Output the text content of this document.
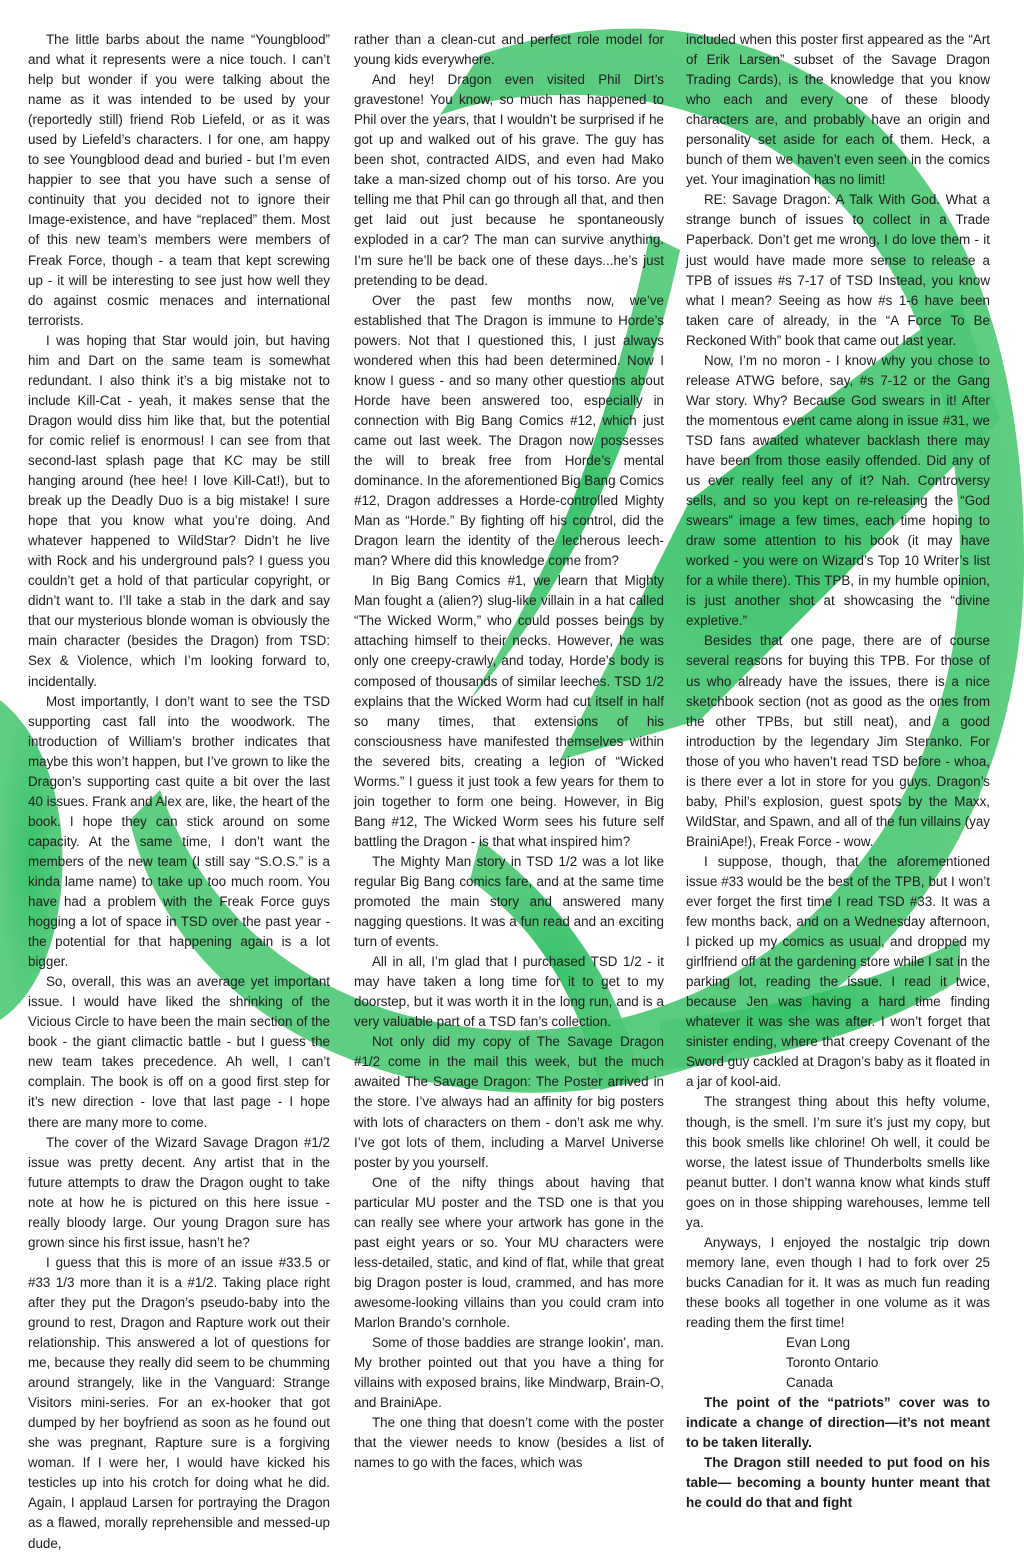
The little barbs about the name “Youngblood” and what it represents were a nice touch. I can’t help but wonder if you were talking about the name as it was intended to be used by your (reportedly still) friend Rob Liefeld, or as it was used by Liefeld’s characters. I for one, am happy to see Youngblood dead and buried - but I’m even happier to see that you have such a sense of continuity that you decided not to ignore their Image-existence, and have “replaced” them. Most of this new team’s members were members of Freak Force, though - a team that kept screwing up - it will be interesting to see just how well they do against cosmic menaces and international terrorists.

I was hoping that Star would join, but having him and Dart on the same team is somewhat redundant. I also think it’s a big mistake not to include Kill-Cat - yeah, it makes sense that the Dragon would diss him like that, but the potential for comic relief is enormous! I can see from that second-last splash page that KC may be still hanging around (hee hee! I love Kill-Cat!), but to break up the Deadly Duo is a big mistake! I sure hope that you know what you’re doing. And whatever happened to WildStar? Didn’t he live with Rock and his underground pals? I guess you couldn’t get a hold of that particular copyright, or didn’t want to. I’ll take a stab in the dark and say that our mysterious blonde woman is obviously the main character (besides the Dragon) from TSD: Sex & Violence, which I’m looking forward to, incidentally.

Most importantly, I don’t want to see the TSD supporting cast fall into the woodwork. The introduction of William’s brother indicates that maybe this won’t happen, but I’ve grown to like the Dragon’s supporting cast quite a bit over the last 40 issues. Frank and Alex are, like, the heart of the book. I hope they can stick around on some capacity. At the same time, I don’t want the members of the new team (I still say “S.O.S.” is a kinda lame name) to take up too much room. You have had a problem with the Freak Force guys hogging a lot of space in TSD over the past year - the potential for that happening again is a lot bigger.

So, overall, this was an average yet important issue. I would have liked the shrinking of the Vicious Circle to have been the main section of the book - the giant climactic battle - but I guess the new team takes precedence. Ah well, I can’t complain. The book is off on a good first step for it’s new direction - love that last page - I hope there are many more to come.

The cover of the Wizard Savage Dragon #1/2 issue was pretty decent. Any artist that in the future attempts to draw the Dragon ought to take note at how he is pictured on this here issue - really bloody large. Our young Dragon sure has grown since his first issue, hasn’t he?

I guess that this is more of an issue #33.5 or #33 1/3 more than it is a #1/2. Taking place right after they put the Dragon’s pseudo-baby into the ground to rest, Dragon and Rapture work out their relationship. This answered a lot of questions for me, because they really did seem to be chumming around strangely, like in the Vanguard: Strange Visitors mini-series. For an ex-hooker that got dumped by her boyfriend as soon as he found out she was pregnant, Rapture sure is a forgiving woman. If I were her, I would have kicked his testicles up into his crotch for doing what he did. Again, I applaud Larsen for portraying the Dragon as a flawed, morally reprehensible and messed-up dude,

rather than a clean-cut and perfect role model for young kids everywhere.

And hey! Dragon even visited Phil Dirt’s gravestone! You know, so much has happened to Phil over the years, that I wouldn’t be surprised if he got up and walked out of his grave. The guy has been shot, contracted AIDS, and even had Mako take a man-sized chomp out of his torso. Are you telling me that Phil can go through all that, and then get laid out just because he spontaneously exploded in a car? The man can survive anything. I’m sure he’ll be back one of these days...he’s just pretending to be dead.

Over the past few months now, we’ve established that The Dragon is immune to Horde’s powers. Not that I questioned this, I just always wondered when this had been determined. Now I know I guess - and so many other questions about Horde have been answered too, especially in connection with Big Bang Comics #12, which just came out last week. The Dragon now possesses the will to break free from Horde’s mental dominance. In the aforementioned Big Bang Comics #12, Dragon addresses a Horde-controlled Mighty Man as “Horde.” By fighting off his control, did the Dragon learn the identity of the lecherous leech-man? Where did this knowledge come from?

In Big Bang Comics #1, we learn that Mighty Man fought a (alien?) slug-like villain in a hat called “The Wicked Worm,” who could posses beings by attaching himself to their necks. However, he was only one creepy-crawly, and today, Horde’s body is composed of thousands of similar leeches. TSD 1/2 explains that the Wicked Worm had cut itself in half so many times, that extensions of his consciousness have manifested themselves within the severed bits, creating a legion of “Wicked Worms.” I guess it just took a few years for them to join together to form one being. However, in Big Bang #12, The Wicked Worm sees his future self battling the Dragon - is that what inspired him?

The Mighty Man story in TSD 1/2 was a lot like regular Big Bang comics fare, and at the same time promoted the main story and answered many nagging questions. It was a fun read and an exciting turn of events.

All in all, I’m glad that I purchased TSD 1/2 - it may have taken a long time for it to get to my doorstep, but it was worth it in the long run, and is a very valuable part of a TSD fan’s collection.

Not only did my copy of The Savage Dragon #1/2 come in the mail this week, but the much awaited The Savage Dragon: The Poster arrived in the store. I’ve always had an affinity for big posters with lots of characters on them - don’t ask me why. I’ve got lots of them, including a Marvel Universe poster by you yourself.

One of the nifty things about having that particular MU poster and the TSD one is that you can really see where your artwork has gone in the past eight years or so. Your MU characters were less-detailed, static, and kind of flat, while that great big Dragon poster is loud, crammed, and has more awesome-looking villains than you could cram into Marlon Brando’s cornhole.

Some of those baddies are strange lookin’, man. My brother pointed out that you have a thing for villains with exposed brains, like Mindwarp, Brain-O, and BrainiApe.

The one thing that doesn’t come with the poster that the viewer needs to know (besides a list of names to go with the faces, which was

included when this poster first appeared as the “Art of Erik Larsen” subset of the Savage Dragon Trading Cards), is the knowledge that you know who each and every one of these bloody characters are, and probably have an origin and personality set aside for each of them. Heck, a bunch of them we haven’t even seen in the comics yet. Your imagination has no limit!

RE: Savage Dragon: A Talk With God. What a strange bunch of issues to collect in a Trade Paperback. Don’t get me wrong, I do love them - it just would have made more sense to release a TPB of issues #s 7-17 of TSD Instead, you know what I mean? Seeing as how #s 1-6 have been taken care of already, in the “A Force To Be Reckoned With” book that came out last year.

Now, I’m no moron - I know why you chose to release ATWG before, say, #s 7-12 or the Gang War story. Why? Because God swears in it! After the momentous event came along in issue #31, we TSD fans awaited whatever backlash there may have been from those easily offended. Did any of us ever really feel any of it? Nah. Controversy sells, and so you kept on re-releasing the “God swears” image a few times, each time hoping to draw some attention to his book (it may have worked - you were on Wizard’s Top 10 Writer’s list for a while there). This TPB, in my humble opinion, is just another shot at showcasing the “divine expletive.”

Besides that one page, there are of course several reasons for buying this TPB. For those of us who already have the issues, there is a nice sketchbook section (not as good as the ones from the other TPBs, but still neat), and a good introduction by the legendary Jim Steranko. For those of you who haven’t read TSD before - whoa, is there ever a lot in store for you guys. Dragon’s baby, Phil’s explosion, guest spots by the Maxx, WildStar, and Spawn, and all of the fun villains (yay BrainiApe!), Freak Force - wow.

I suppose, though, that the aforementioned issue #33 would be the best of the TPB, but I won’t ever forget the first time I read TSD #33. It was a few months back, and on a Wednesday afternoon, I picked up my comics as usual, and dropped my girlfriend off at the gardening store while I sat in the parking lot, reading the issue. I read it twice, because Jen was having a hard time finding whatever it was she was after. I won’t forget that sinister ending, where that creepy Covenant of the Sword guy cackled at Dragon’s baby as it floated in a jar of kool-aid.

The strangest thing about this hefty volume, though, is the smell. I’m sure it’s just my copy, but this book smells like chlorine! Oh well, it could be worse, the latest issue of Thunderbolts smells like peanut butter. I don’t wanna know what kinds stuff goes on in those shipping warehouses, lemme tell ya.

Anyways, I enjoyed the nostalgic trip down memory lane, even though I had to fork over 25 bucks Canadian for it. It was as much fun reading these books all together in one volume as it was reading them the first time!

Evan Long

Toronto Ontario

Canada

The point of the “patriots” cover was to indicate a change of direction—it’s not meant to be taken literally.

The Dragon still needed to put food on his table— becoming a bounty hunter meant that he could do that and fight
